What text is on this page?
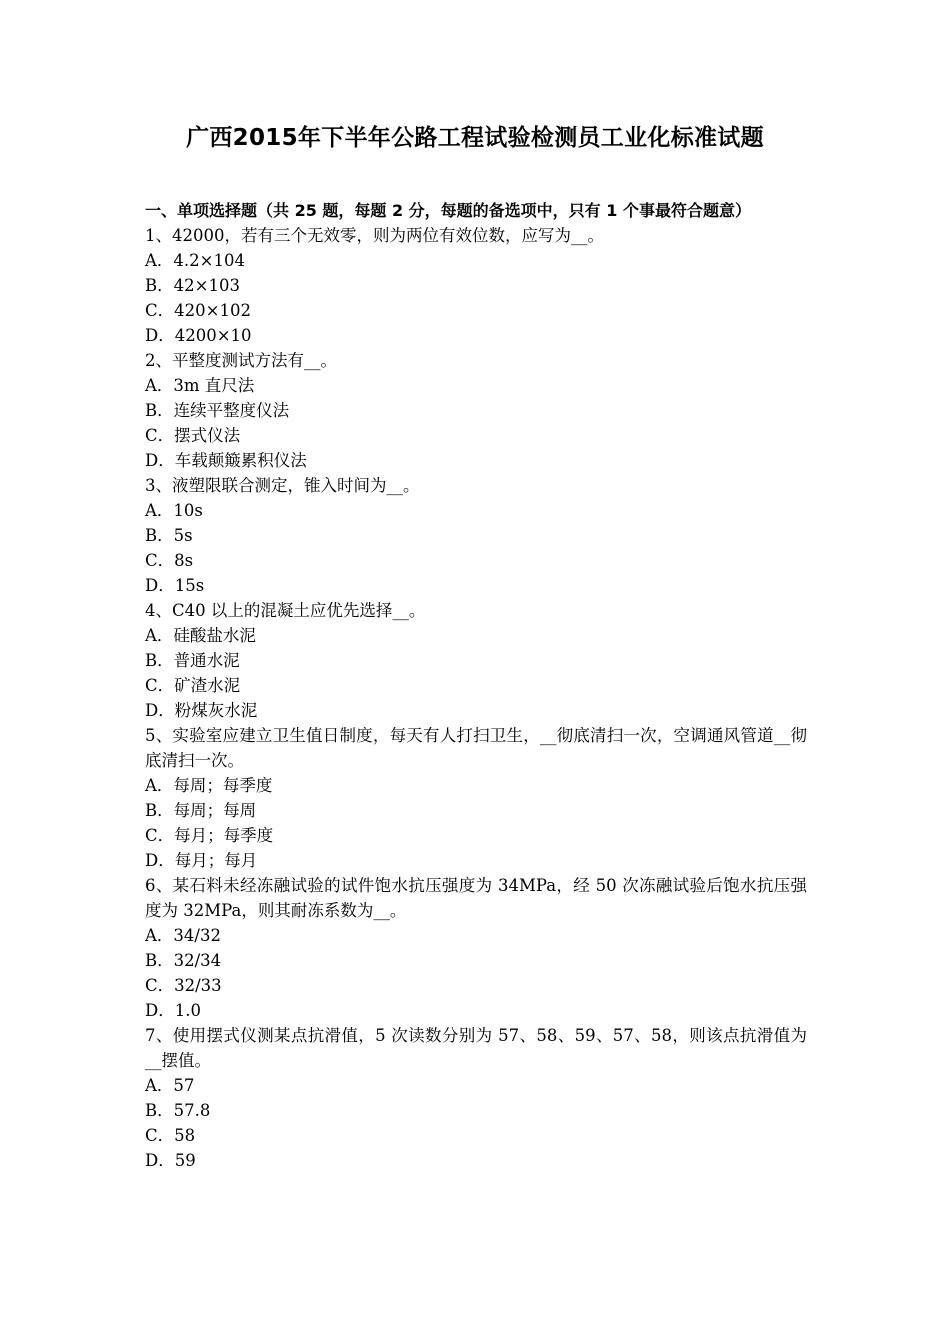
广西2015年下半年公路工程试验检测员工业化标准试题

一、单项选择题（共 25 题，每题 2 分，每题的备选项中，只有 1 个事最符合题意）

1、42000，若有三个无效零，则为两位有效位数，应写为__。

A．4.2×104

B．42×103

C．420×102

D．4200×10

2、平整度测试方法有__。

A．3m 直尺法

B．连续平整度仪法

C．摆式仪法

D．车载颠簸累积仪法

3、液塑限联合测定，锥入时间为__。

A．10s

B．5s

C．8s

D．15s

4、C40 以上的混凝土应优先选择__。

A．硅酸盐水泥

B．普通水泥

C．矿渣水泥

D．粉煤灰水泥

5、实验室应建立卫生值日制度，每天有人打扫卫生，__彻底清扫一次，空调通风管道__彻底清扫一次。

A．每周；每季度

B．每周；每周

C．每月；每季度

D．每月；每月

6、某石料未经冻融试验的试件饱水抗压强度为 34MPa，经 50 次冻融试验后饱水抗压强度为 32MPa，则其耐冻系数为__。

A．34/32

B．32/34

C．32/33

D．1.0

7、使用摆式仪测某点抗滑值，5 次读数分别为 57、58、59、57、58，则该点抗滑值为__摆值。

A．57

B．57.8

C．58

D．59
